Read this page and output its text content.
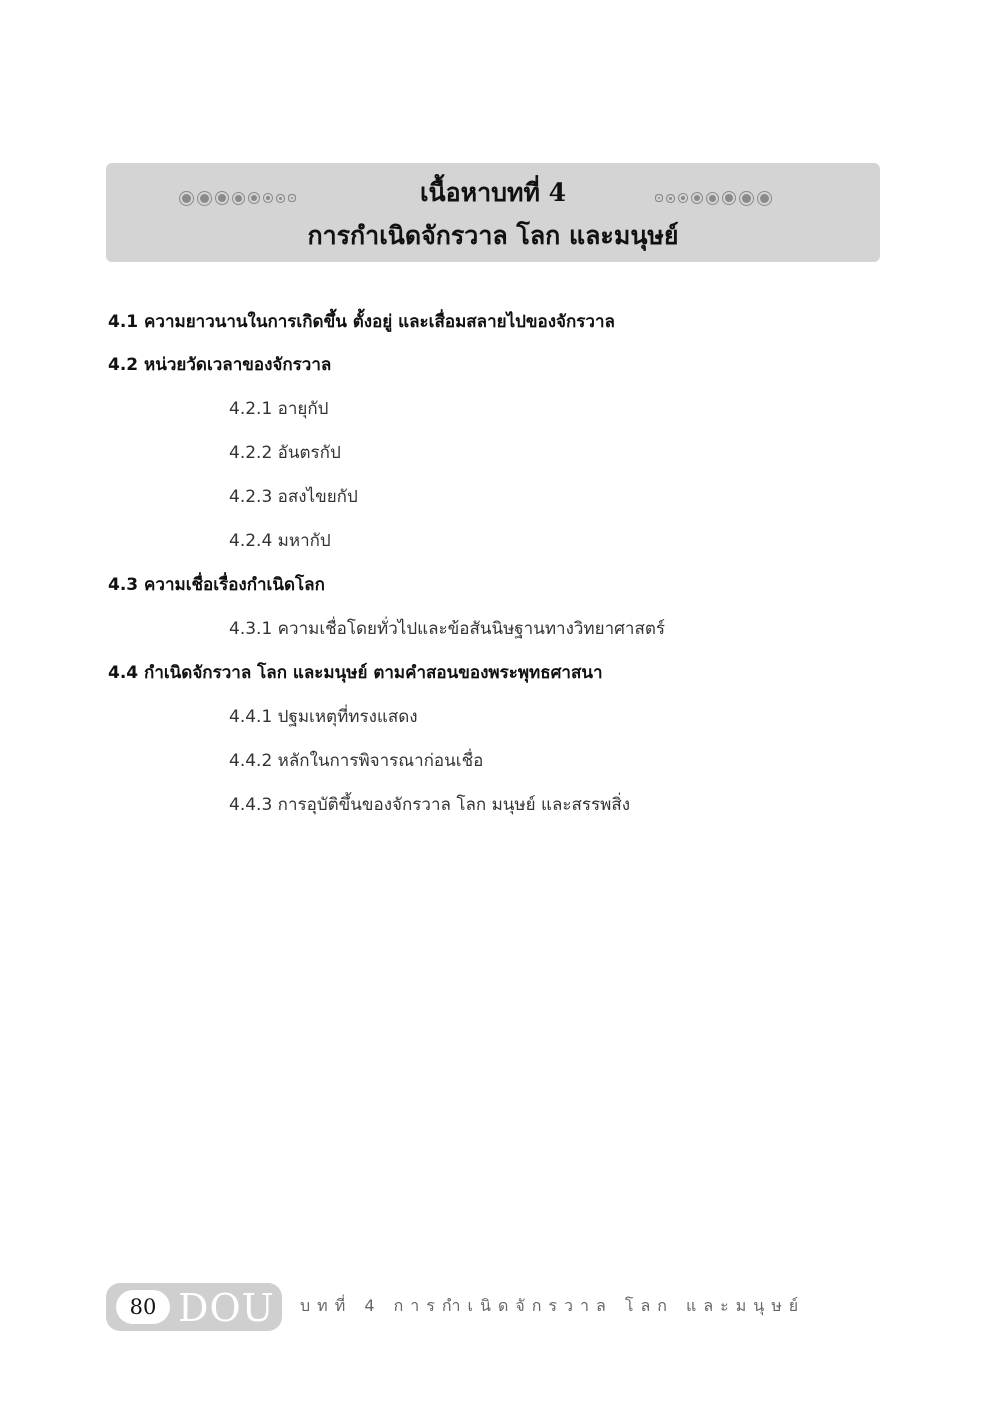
เนื้อหาบทที่ 4
การกำเนิดจักรวาล โลก และมนุษย์
4.1 ความยาวนานในการเกิดขึ้น ตั้งอยู่ และเสื่อมสลายไปของจักรวาล
4.2 หน่วยวัดเวลาของจักรวาล
4.2.1 อายุกัป
4.2.2 อันตรกัป
4.2.3 อสงไขยกัป
4.2.4 มหากัป
4.3 ความเชื่อเรื่องกำเนิดโลก
4.3.1 ความเชื่อโดยทั่วไปและข้อสันนิษฐานทางวิทยาศาสตร์
4.4 กำเนิดจักรวาล โลก และมนุษย์ ตามคำสอนของพระพุทธศาสนา
4.4.1 ปฐมเหตุที่ทรงแสดง
4.4.2 หลักในการพิจารณาก่อนเชื่อ
4.4.3 การอุบัติขึ้นของจักรวาล โลก มนุษย์ และสรรพสิ่ง
80 DOU บทที่ 4 การกำเนิดจักรวาล โลก และมนุษย์
